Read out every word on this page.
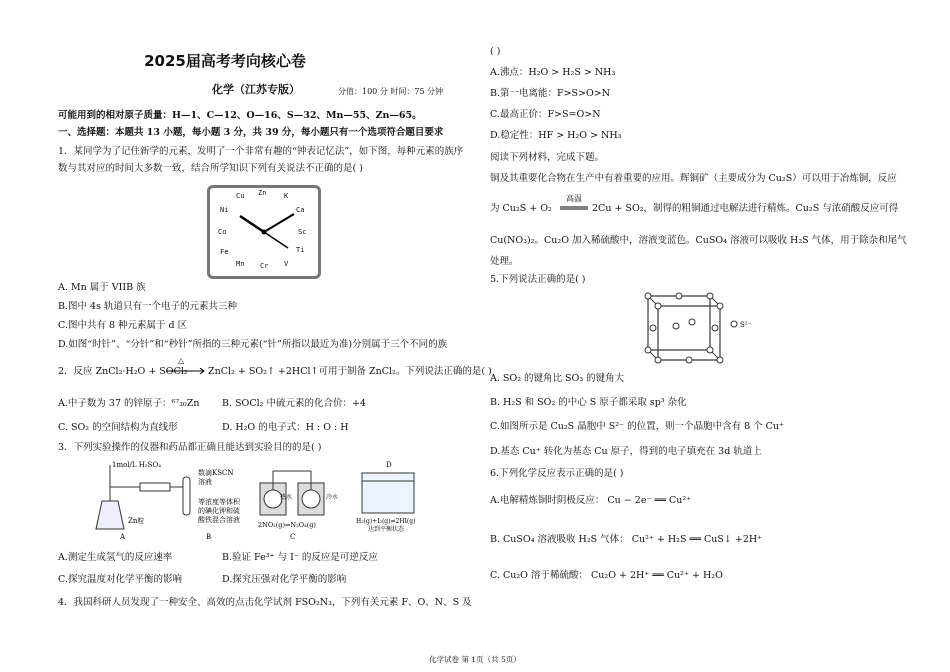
2025届高考考向核心卷
化学（江苏专版）	分值：100 分 时间：75 分钟
可能用到的相对原子质量：H—1、C—12、O—16、S—32、Mn—55、Zn—65。
一、选择题：本题共 13 小题，每小题 3 分，共 39 分，每小题只有一个选项符合题目要求
1．某同学为了记住新学的元素，发明了一个非常有趣的“钟表记忆法”，如下图，每种元素的族序
数与其对应的时间大多数一致，结合所学知识下列有关说法不正确的是( )
Cu Zn	K
Ni	Ca
Co	Sc
Fe	Ti
Mn Cr V
A. Mn 属于 VIIB 族
B.图中 4s 轨道只有一个电子的元素共三种
C.图中共有 8 种元素属于 d 区
D.如图“时针”、“分针”和“秒针”所指的三种元素(“针”所指以最近为准)分别属于三个不同的族
2．反应 ZnCl₂·H₂O + SOCl₂
△
ZnCl₂ + SO₂↑ +2HCl↑可用于制备 ZnCl₂。下列说法正确的是( )
A.中子数为 37 的锌原子：⁶⁷₃₀Zn B. SOCl₂ 中硫元素的化合价：+4
C. SO₂ 的空间结构为直线形	D. H₂O 的电子式：H : O : H
3．下列实验操作的仪器和药品都正确且能达到实验目的的是( )
1mol/L H₂SO₄
Zn粒
A
数滴KSCN
溶液
等浓度等体积
的碘化钾和硫
酸铁混合溶液
B
热水	冷水
2NO₂(g)⇌N₂O₄(g)
C
H₂(g)+I₂(g)⇌2HI(g)
达到平衡状态
D
A.测定生成氢气的反应速率	B.验证 Fe³⁺ 与 I⁻ 的反应是可逆反应
C.探究温度对化学平衡的影响	D.探究压强对化学平衡的影响
4．我国科研人员发现了一种安全、高效的点击化学试剂 FSO₂N₃，下列有关元素 F、O、N、S 及
( )
A.沸点：H₂O > H₂S > NH₃
B.第一电离能：F>S>O>N
C.最高正价：F>S=O>N
D.稳定性：HF > H₂O > NH₃
阅读下列材料，完成下题。
铜及其重要化合物在生产中有着重要的应用。辉铜矿（主要成分为 Cu₂S）可以用于冶炼铜，反应
为 Cu₂S + O₂
高温
2Cu + SO₂，制得的粗铜通过电解法进行精炼。Cu₂S 与浓硝酸反应可得
Cu(NO₃)₂。Cu₂O 加入稀硫酸中，溶液变蓝色。CuSO₄ 溶液可以吸收 H₂S 气体，用于除杂和尾气
处理。
5.下列说法正确的是( )
S²⁻
A. SO₂ 的键角比 SO₃ 的键角大
B. H₂S 和 SO₂ 的中心 S 原子都采取 sp³ 杂化
C.如图所示是 Cu₂S 晶胞中 S²⁻ 的位置，则一个晶胞中含有 8 个 Cu⁺
D.基态 Cu⁺ 转化为基态 Cu 原子，得到的电子填充在 3d 轨道上
6.下列化学反应表示正确的是( )
A.电解精炼铜时阴极反应： Cu − 2e⁻ ══ Cu²⁺
B. CuSO₄ 溶液吸收 H₂S 气体： Cu²⁺ + H₂S ══ CuS↓ +2H⁺
C. Cu₂O 溶于稀硫酸： Cu₂O + 2H⁺ ══ Cu²⁺ + H₂O
化学试卷 第 1页（共 5页）
